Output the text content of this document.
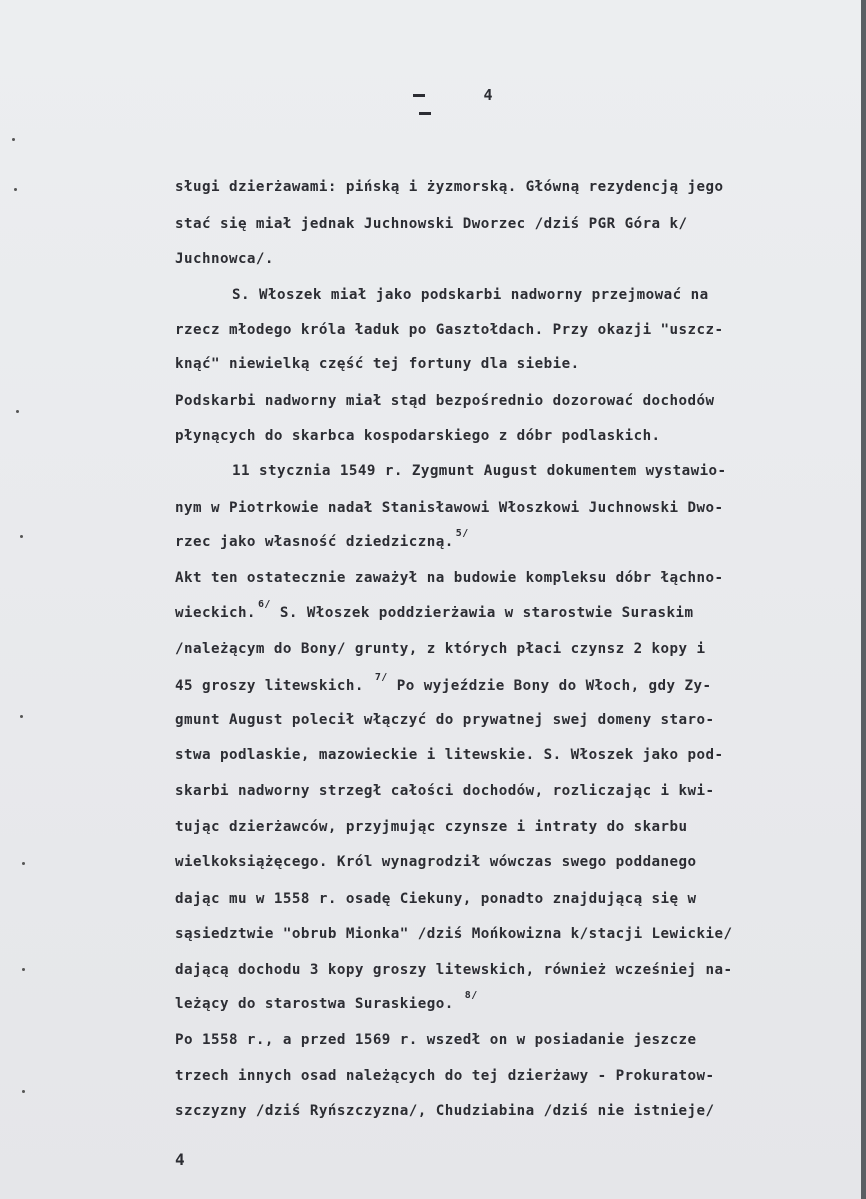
4
sługi dzierżawami: pińską i żyzmorską. Główną rezydencją jego
stać się miał jednak Juchnowski Dworzec /dziś PGR Góra k/
Juchnowca/.
S. Włoszek miał jako podskarbi nadworny przejmować na
rzecz młodego króla ładuk po Gasztołdach. Przy okazji "uszcz-
knąć" niewielką część tej fortuny dla siebie.
Podskarbi nadworny miał stąd bezpośrednio dozorować dochodów
płynących do skarbca kospodarskiego z dóbr podlaskich.
11 stycznia 1549 r. Zygmunt August dokumentem wystawio-
nym w Piotrkowie nadał Stanisławowi Włoszkowi Juchnowski Dwo-
rzec jako własność dziedziczną.$^{5/}$
Akt ten ostatecznie zaważył na budowie kompleksu dóbr łąchno-
wieckich.$^{6/}$ S. Włoszek poddzierżawia w starostwie Suraskim
/należącym do Bony/ grunty, z których płaci czynsz 2 kopy i
45 groszy litewskich. $^{7/}$ Po wyjeździe Bony do Włoch, gdy Zy-
gmunt August polecił włączyć do prywatnej swej domeny staro-
stwa podlaskie, mazowieckie i litewskie. S. Włoszek jako pod-
skarbi nadworny strzegł całości dochodów, rozliczając i kwi-
tując dzierżawców, przyjmując czynsze i intraty do skarbu
wielkoksiążęcego. Król wynagrodził wówczas swego poddanego
dając mu w 1558 r. osadę Ciekuny, ponadto znajdującą się w
sąsiedztwie "obrub Mionka" /dziś Mońkowizna k/stacji Lewickie/
dającą dochodu 3 kopy groszy litewskich, również wcześniej na-
leżący do starostwa Suraskiego. $^{8/}$
Po 1558 r., a przed 1569 r. wszedł on w posiadanie jeszcze
trzech innych osad należących do tej dzierżawy - Prokuratow-
szczyzny /dziś Ryńszczyzna/, Chudziabina /dziś nie istnieje/
4
